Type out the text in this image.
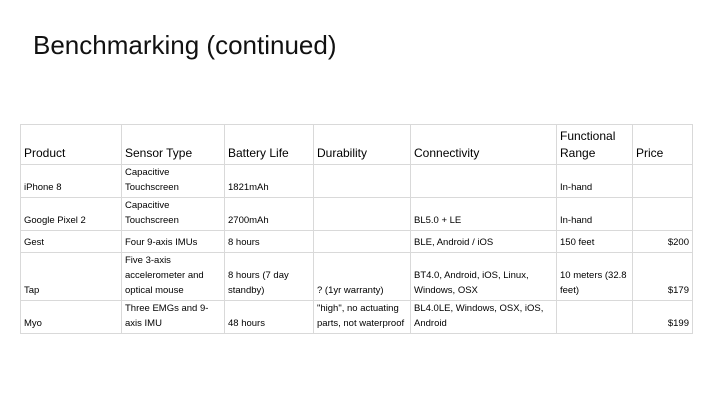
Benchmarking (continued)
Product	Sensor Type	Battery Life	Durability	Connectivity	Functional Range	Price
iPhone 8	Capacitive Touchscreen	1821mAh			In-hand	
Google Pixel 2	Capacitive Touchscreen	2700mAh		BL5.0 + LE	In-hand	
Gest	Four 9-axis IMUs	8 hours		BLE, Android / iOS	150 feet	$200
Tap	Five 3-axis accelerometer and optical mouse	8 hours (7 day standby)	? (1yr warranty)	BT4.0, Android, iOS, Linux, Windows, OSX	10 meters (32.8 feet)	$179
Myo	Three EMGs and 9-axis IMU	48 hours	"high", no actuating parts, not waterproof	BL4.0LE, Windows, OSX, iOS, Android		$199
